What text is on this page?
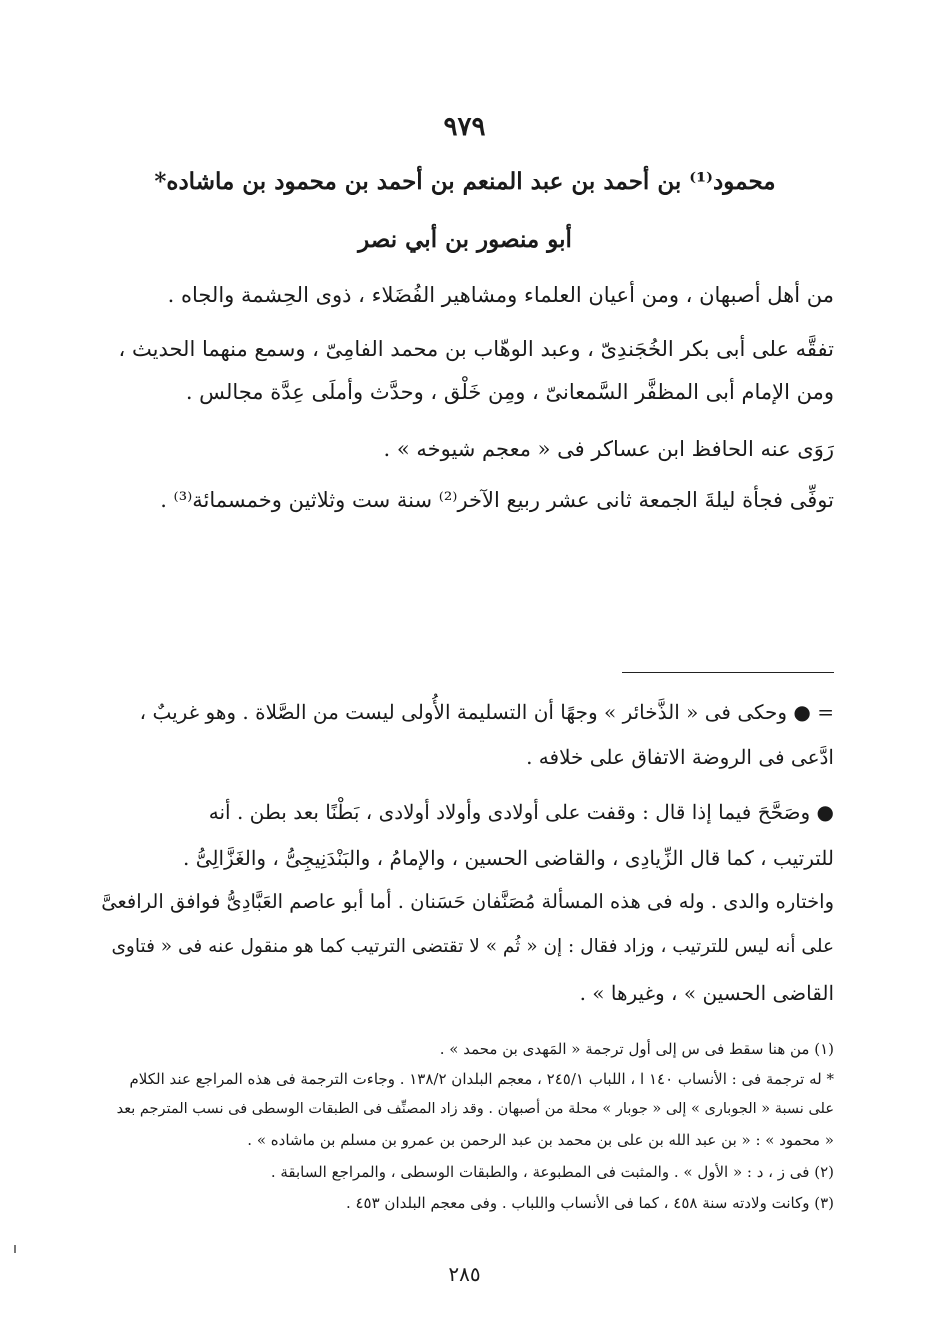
٩٧٩
محمود⁽¹⁾ بن أحمد بن عبد المنعم بن أحمد بن محمود بن ماشاده*
أبو منصور بن أبي نصر
من أهل أصبهان ، ومن أعيان العلماء ومشاهير الفُضَلاء ، ذوى الحِشمة والجاه .
تفقَّه على أبى بكر الخُجَندِىّ ، وعبد الوهّاب بن محمد الفامِىّ ، وسمع منهما الحديث ،
ومن الإمام أبى المظفَّر السَّمعانىّ ، ومِن خَلْق ، وحدَّث وأملَى عِدَّة مجالس .
رَوَى عنه الحافظ ابن عساكر فى « معجم شيوخه » .
توفِّى فجأة ليلةَ الجمعة ثانى عشر ربيع الآخر⁽²⁾ سنة ست وثلاثين وخمسمائة⁽³⁾ .
= ● وحكى فى « الذَّخائر » وجهًا أن التسليمة الأُولى ليست من الصَّلاة . وهو غريبٌ ،
ادَّعى فى الروضة الاتفاق على خلافه .
● وصَحَّحَ فيما إذا قال : وقفت على أولادى وأولاد أولادى ، بَطْنًا بعد بطن . أنه
للترتيب ، كما قال الزِّيادِى ، والقاضى الحسين ، والإمامُ ، والبَنْدَنِيجِىُّ ، والغَزَّالِىُّ .
واختاره والدى . وله فى هذه المسألة مُصَنَّفان حَسَنان . أما أبو عاصم العَبَّادِىُّ فوافق الرافعىَّ
على أنه ليس للترتيب ، وزاد فقال : إن « ثُم » لا تقتضى الترتيب كما هو منقول عنه فى « فتاوى
القاضى الحسين » ، وغيرها » .
(١) من هنا سقط فى س إلى أول ترجمة « المَهدى بن محمد » .
* له ترجمة فى : الأنساب ١٤٠ ا ، اللباب ٢٤٥/١ ، معجم البلدان ١٣٨/٢ . وجاءت الترجمة فى هذه المراجع عند الكلام
على نسبة « الجوبارى » إلى « جوبار » محلة من أصبهان . وقد زاد المصنِّف فى الطبقات الوسطى فى نسب المترجم بعد
« محمود » : « بن عبد الله بن على بن محمد بن عبد الرحمن بن عمرو بن مسلم بن ماشاده » .
(٢) فى ز ، د : « الأول » . والمثبت فى المطبوعة ، والطبقات الوسطى ، والمراجع السابقة .
(٣) وكانت ولادته سنة ٤٥٨ ، كما فى الأنساب واللباب . وفى معجم البلدان ٤٥٣ .
٢٨٥
